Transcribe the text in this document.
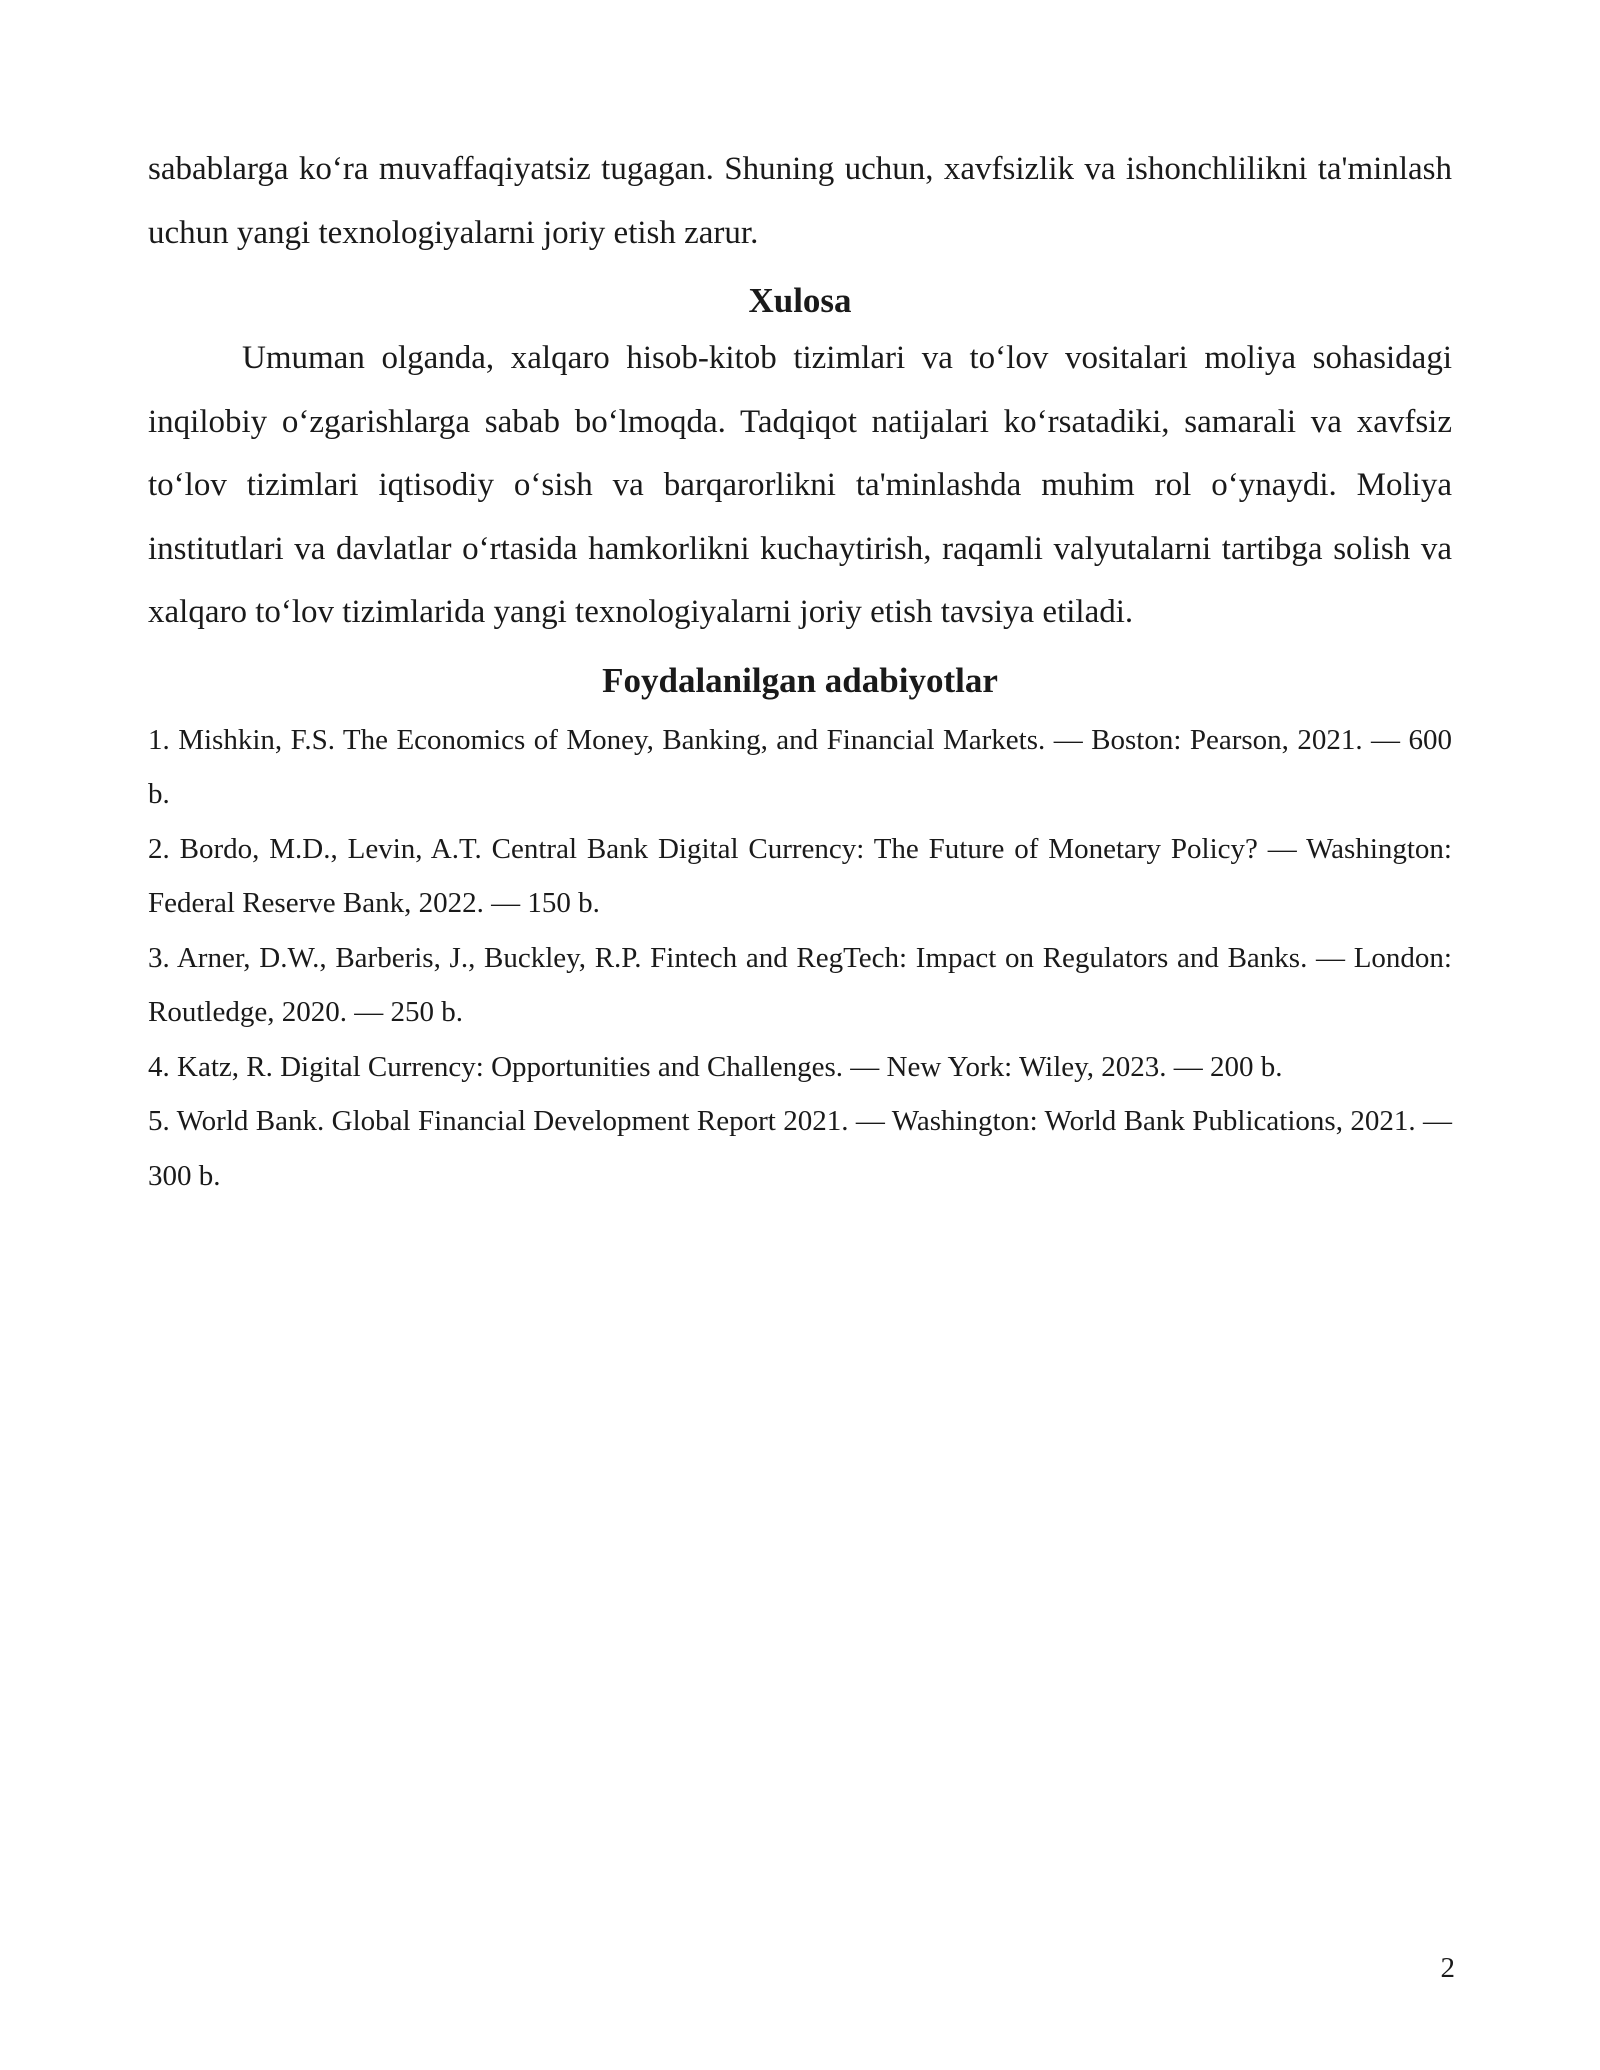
sabablarga koʻra muvaffaqiyatsiz tugagan. Shuning uchun, xavfsizlik va ishonchlilikni ta'minlash uchun yangi texnologiyalarni joriy etish zarur.

Xulosa

Umuman olganda, xalqaro hisob-kitob tizimlari va toʻlov vositalari moliya sohasidagi inqilobiy oʻzgarishlarga sabab boʻlmoqda. Tadqiqot natijalari koʻrsatadiki, samarali va xavfsiz toʻlov tizimlari iqtisodiy oʻsish va barqarorlikni ta'minlashda muhim rol oʻynaydi. Moliya institutlari va davlatlar oʻrtasida hamkorlikni kuchaytirish, raqamli valyutalarni tartibga solish va xalqaro toʻlov tizimlarida yangi texnologiyalarni joriy etish tavsiya etiladi.

Foydalanilgan adabiyotlar
1. Mishkin, F.S. The Economics of Money, Banking, and Financial Markets. — Boston: Pearson, 2021. — 600 b.
2. Bordo, M.D., Levin, A.T. Central Bank Digital Currency: The Future of Monetary Policy? — Washington: Federal Reserve Bank, 2022. — 150 b.
3. Arner, D.W., Barberis, J., Buckley, R.P. Fintech and RegTech: Impact on Regulators and Banks. — London: Routledge, 2020. — 250 b.
4. Katz, R. Digital Currency: Opportunities and Challenges. — New York: Wiley, 2023. — 200 b.
5. World Bank. Global Financial Development Report 2021. — Washington: World Bank Publications, 2021. — 300 b.
2
